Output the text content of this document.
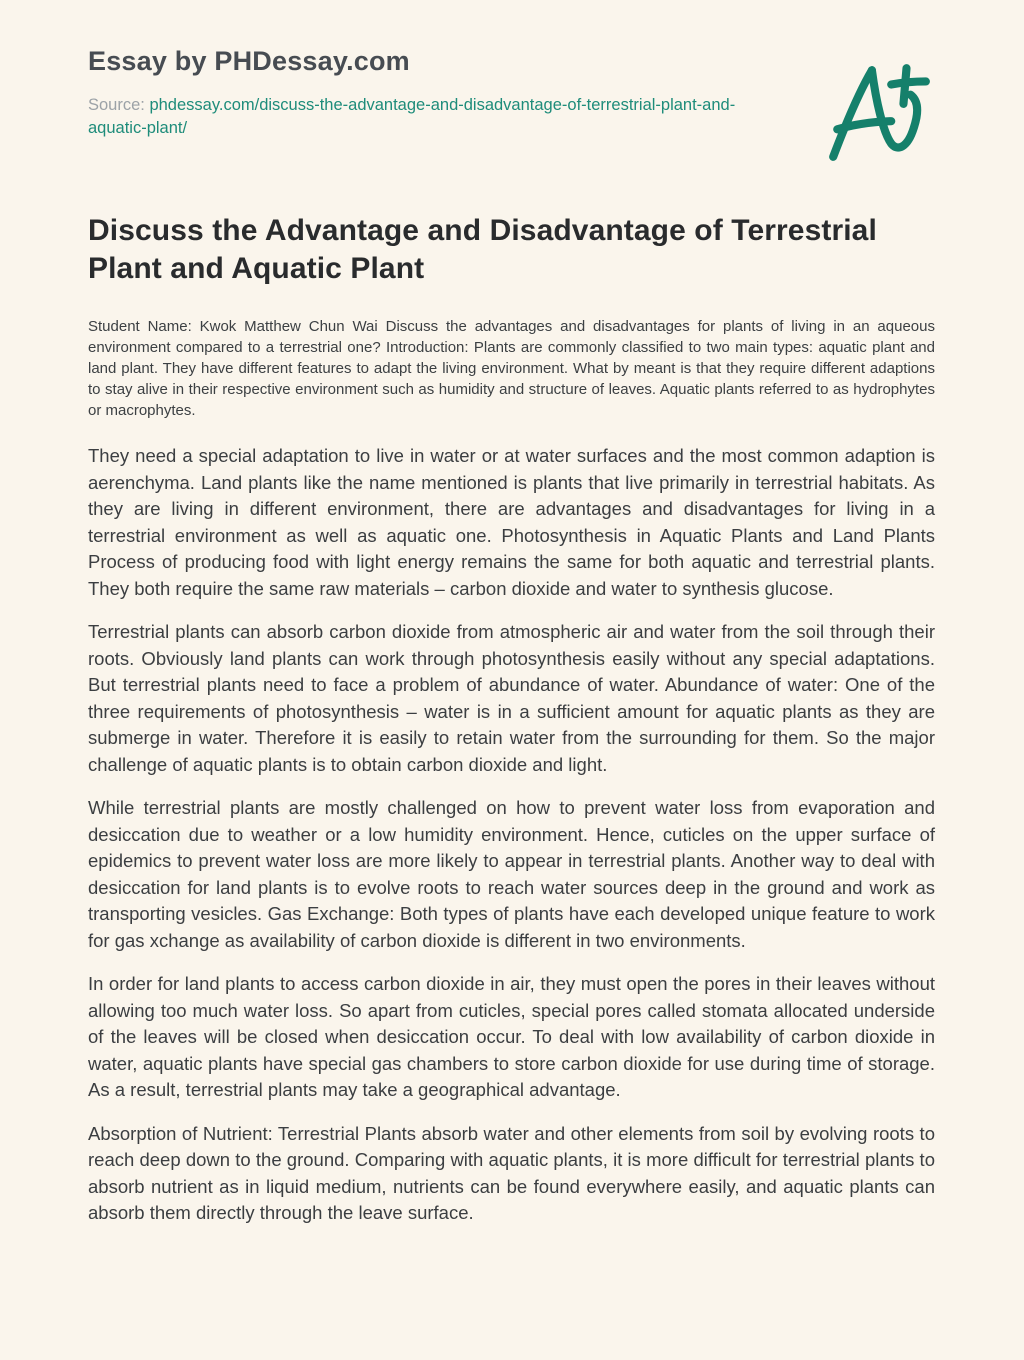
Essay by PHDessay.com

Source: phdessay.com/discuss-the-advantage-and-disadvantage-of-terrestrial-plant-and-aquatic-plant/

Discuss the Advantage and Disadvantage of Terrestrial Plant and Aquatic Plant

Student Name: Kwok Matthew Chun Wai Discuss the advantages and disadvantages for plants of living in an aqueous environment compared to a terrestrial one? Introduction: Plants are commonly classified to two main types: aquatic plant and land plant. They have different features to adapt the living environment. What by meant is that they require different adaptions to stay alive in their respective environment such as humidity and structure of leaves. Aquatic plants referred to as hydrophytes or macrophytes.

They need a special adaptation to live in water or at water surfaces and the most common adaption is aerenchyma. Land plants like the name mentioned is plants that live primarily in terrestrial habitats. As they are living in different environment, there are advantages and disadvantages for living in a terrestrial environment as well as aquatic one. Photosynthesis in Aquatic Plants and Land Plants Process of producing food with light energy remains the same for both aquatic and terrestrial plants. They both require the same raw materials – carbon dioxide and water to synthesis glucose.

Terrestrial plants can absorb carbon dioxide from atmospheric air and water from the soil through their roots. Obviously land plants can work through photosynthesis easily without any special adaptations. But terrestrial plants need to face a problem of abundance of water. Abundance of water: One of the three requirements of photosynthesis – water is in a sufficient amount for aquatic plants as they are submerge in water. Therefore it is easily to retain water from the surrounding for them. So the major challenge of aquatic plants is to obtain carbon dioxide and light.

While terrestrial plants are mostly challenged on how to prevent water loss from evaporation and desiccation due to weather or a low humidity environment. Hence, cuticles on the upper surface of epidemics to prevent water loss are more likely to appear in terrestrial plants. Another way to deal with desiccation for land plants is to evolve roots to reach water sources deep in the ground and work as transporting vesicles. Gas Exchange: Both types of plants have each developed unique feature to work for gas xchange as availability of carbon dioxide is different in two environments.

In order for land plants to access carbon dioxide in air, they must open the pores in their leaves without allowing too much water loss. So apart from cuticles, special pores called stomata allocated underside of the leaves will be closed when desiccation occur. To deal with low availability of carbon dioxide in water, aquatic plants have special gas chambers to store carbon dioxide for use during time of storage. As a result, terrestrial plants may take a geographical advantage.

Absorption of Nutrient: Terrestrial Plants absorb water and other elements from soil by evolving roots to reach deep down to the ground. Comparing with aquatic plants, it is more difficult for terrestrial plants to absorb nutrient as in liquid medium, nutrients can be found everywhere easily, and aquatic plants can absorb them directly through the leave surface.
